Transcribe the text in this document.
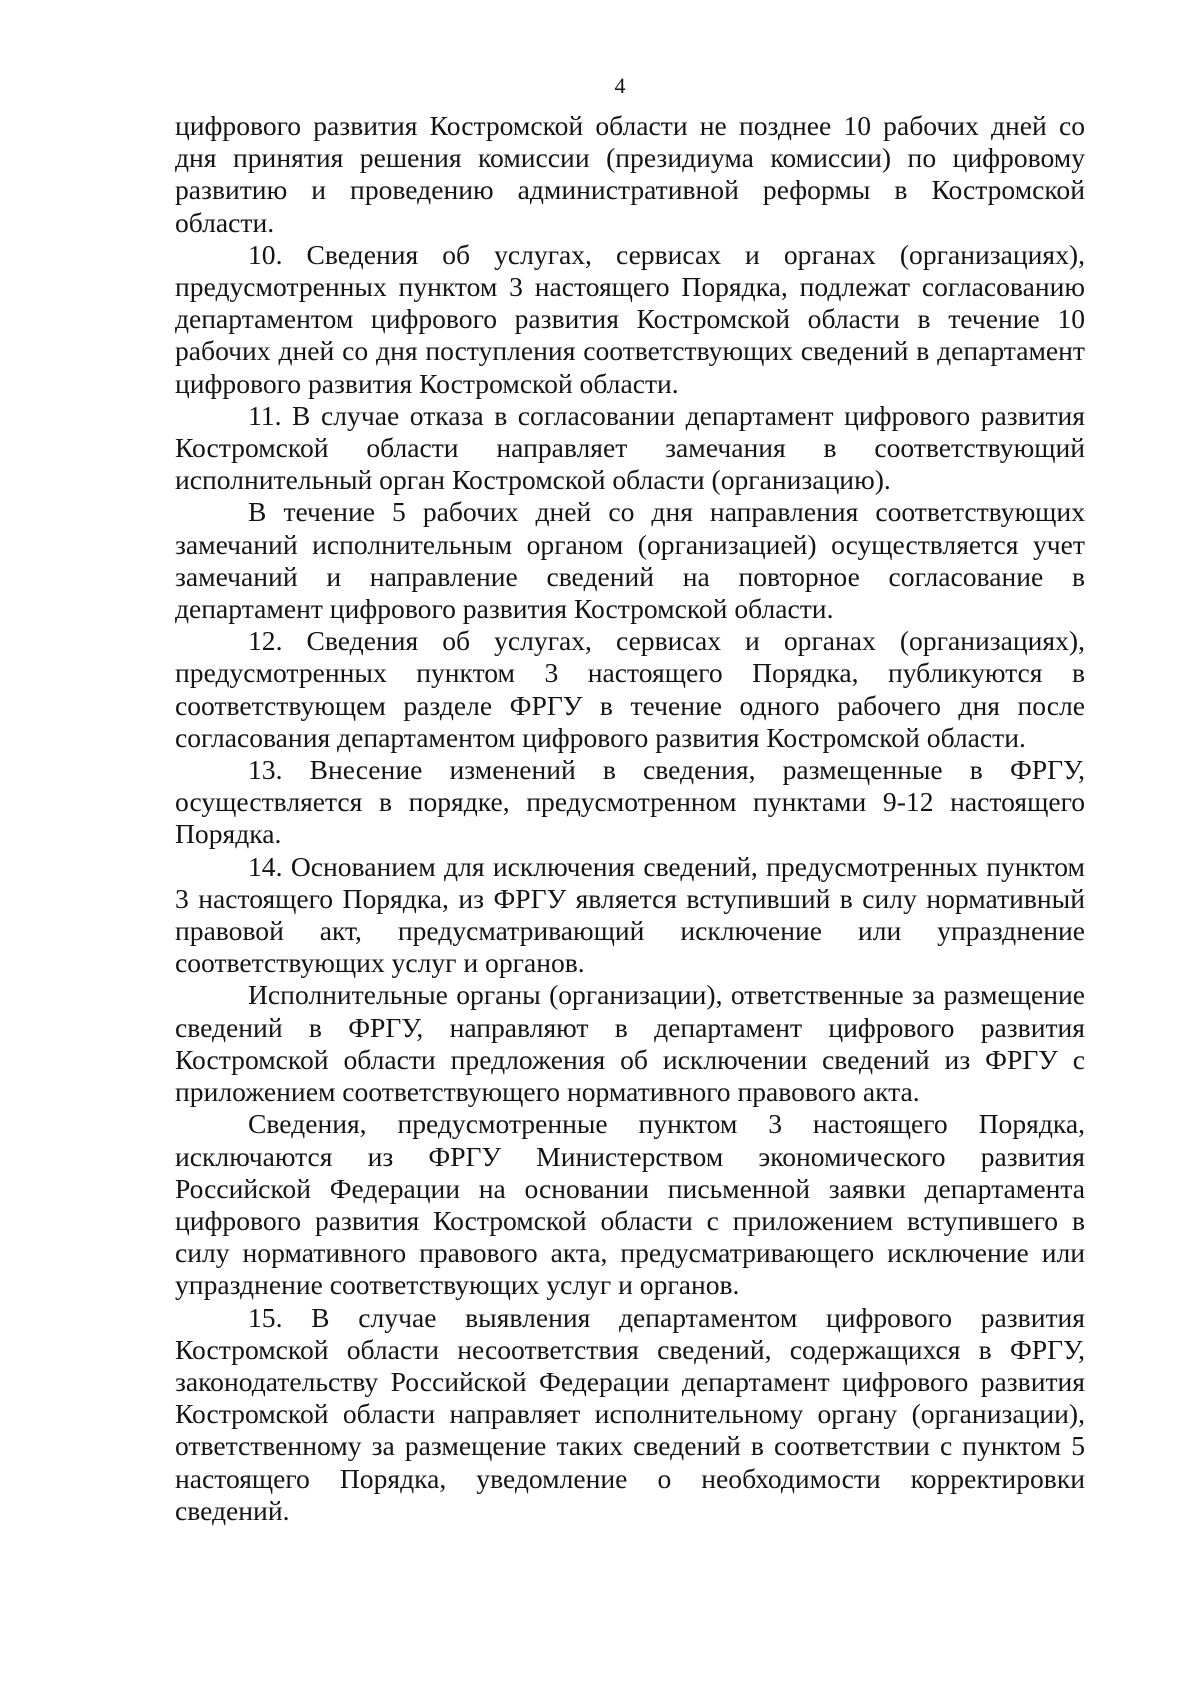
4

цифрового развития Костромской области не позднее 10 рабочих дней со дня принятия решения комиссии (президиума комиссии) по цифровому развитию и проведению административной реформы в Костромской области.

10. Сведения об услугах, сервисах и органах (организациях), предусмотренных пунктом 3 настоящего Порядка, подлежат согласованию департаментом цифрового развития Костромской области в течение 10 рабочих дней со дня поступления соответствующих сведений в департамент цифрового развития Костромской области.

11. В случае отказа в согласовании департамент цифрового развития Костромской области направляет замечания в соответствующий исполнительный орган Костромской области (организацию).

В течение 5 рабочих дней со дня направления соответствующих замечаний исполнительным органом (организацией) осуществляется учет замечаний и направление сведений на повторное согласование в департамент цифрового развития Костромской области.

12. Сведения об услугах, сервисах и органах (организациях), предусмотренных пунктом 3 настоящего Порядка, публикуются в соответствующем разделе ФРГУ в течение одного рабочего дня после согласования департаментом цифрового развития Костромской области.

13. Внесение изменений в сведения, размещенные в ФРГУ, осуществляется в порядке, предусмотренном пунктами 9-12 настоящего Порядка.

14. Основанием для исключения сведений, предусмотренных пунктом 3 настоящего Порядка, из ФРГУ является вступивший в силу нормативный правовой акт, предусматривающий исключение или упразднение соответствующих услуг и органов.

Исполнительные органы (организации), ответственные за размещение сведений в ФРГУ, направляют в департамент цифрового развития Костромской области предложения об исключении сведений из ФРГУ с приложением соответствующего нормативного правового акта.

Сведения, предусмотренные пунктом 3 настоящего Порядка, исключаются из ФРГУ Министерством экономического развития Российской Федерации на основании письменной заявки департамента цифрового развития Костромской области с приложением вступившего в силу нормативного правового акта, предусматривающего исключение или упразднение соответствующих услуг и органов.

15. В случае выявления департаментом цифрового развития Костромской области несоответствия сведений, содержащихся в ФРГУ, законодательству Российской Федерации департамент цифрового развития Костромской области направляет исполнительному органу (организации), ответственному за размещение таких сведений в соответствии с пунктом 5 настоящего Порядка, уведомление о необходимости корректировки сведений.
